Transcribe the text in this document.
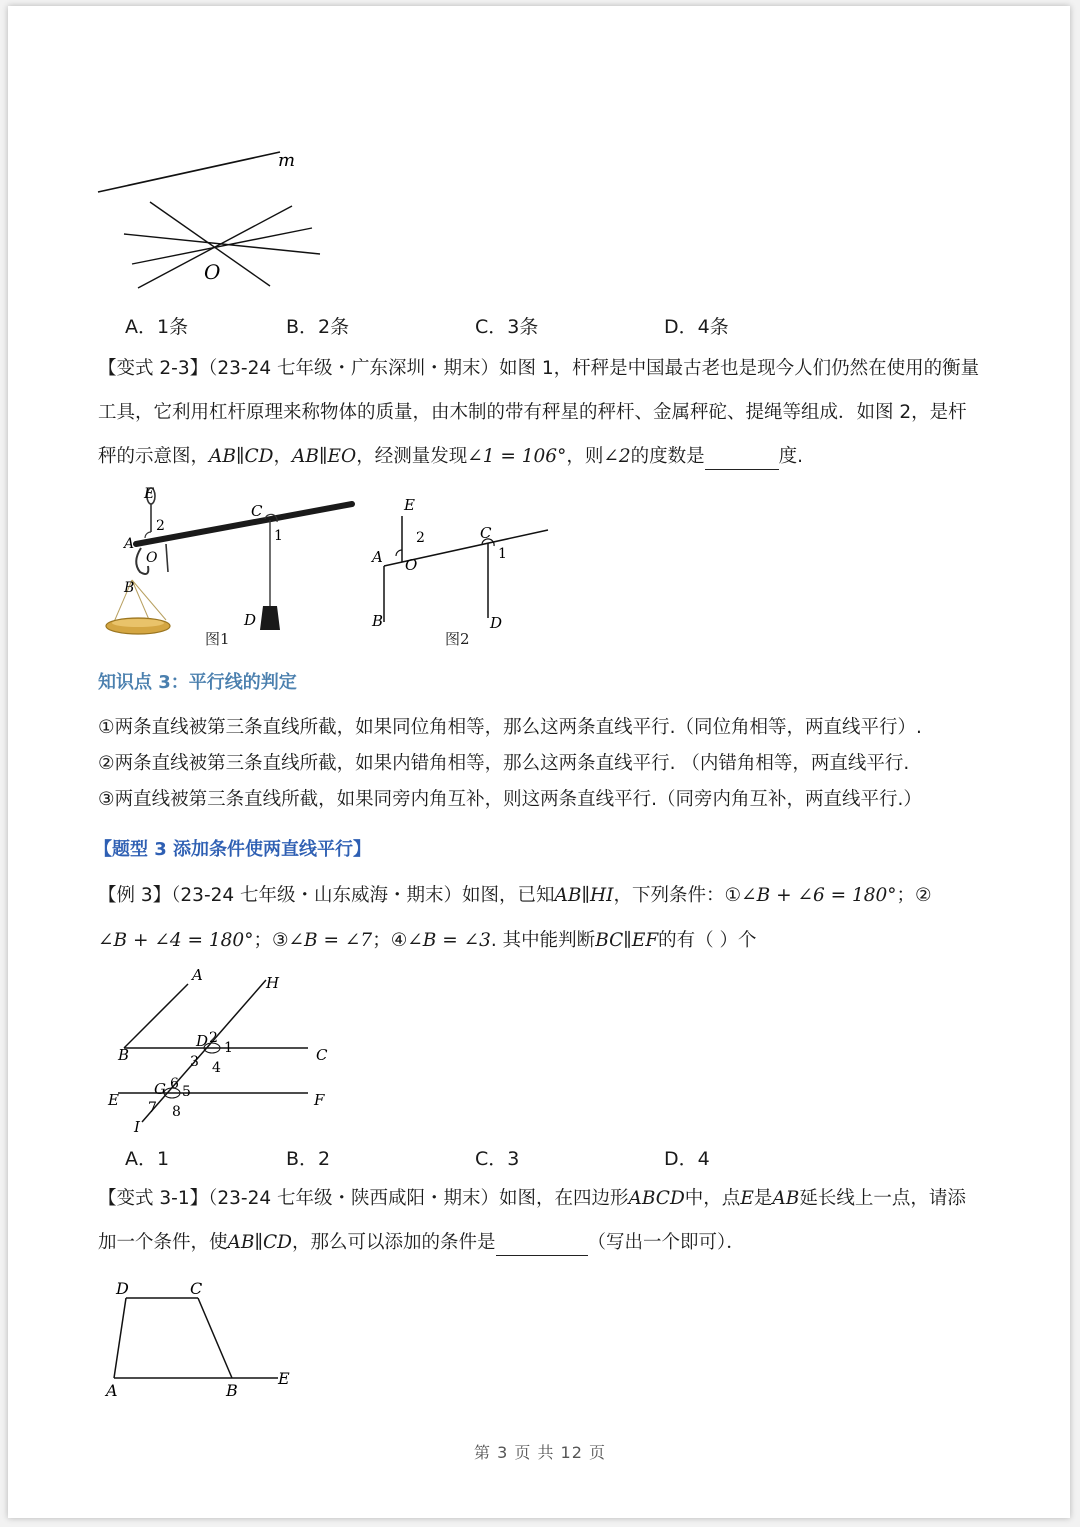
m
O
A．1条	B．2条	C．3条	D．4条
【变式 2-3】（23-24 七年级・广东深圳・期末）如图 1，杆秤是中国最古老也是现今人们仍然在使用的衡量
工具，它利用杠杆原理来称物体的质量，由木制的带有秤星的秤杆、金属秤砣、提绳等组成．如图 2，是杆
秤的示意图，AB∥CD，AB∥EO，经测量发现∠1 = 106°，则∠2的度数是	度.
E
2
A
O
C
1
B
D
图1
E
2
A O
C
1
B	D
图2
知识点 3：平行线的判定
①两条直线被第三条直线所截，如果同位角相等，那么这两条直线平行.（同位角相等，两直线平行）.
②两条直线被第三条直线所截，如果内错角相等，那么这两条直线平行. （内错角相等，两直线平行.
③两直线被第三条直线所截，如果同旁内角互补，则这两条直线平行.（同旁内角互补，两直线平行.）
【题型 3 添加条件使两直线平行】
【例 3】（23-24 七年级・山东威海・期末）如图，已知AB∥HI，下列条件：①∠B + ∠6 = 180°；②
∠B + ∠4 = 180°；③∠B = ∠7；④∠B = ∠3. 其中能判断BC∥EF的有（ ）个
A	H
B	C
D 2
1
3 4
E	F
G 6 5
7 8
I
A．1	B．2	C．3	D．4
【变式 3-1】（23-24 七年级・陕西咸阳・期末）如图，在四边形ABCD中，点E是AB延长线上一点，请添
加一个条件，使AB∥CD，那么可以添加的条件是	（写出一个即可）．
D	C
A	B
E
第 3 页 共 12 页
